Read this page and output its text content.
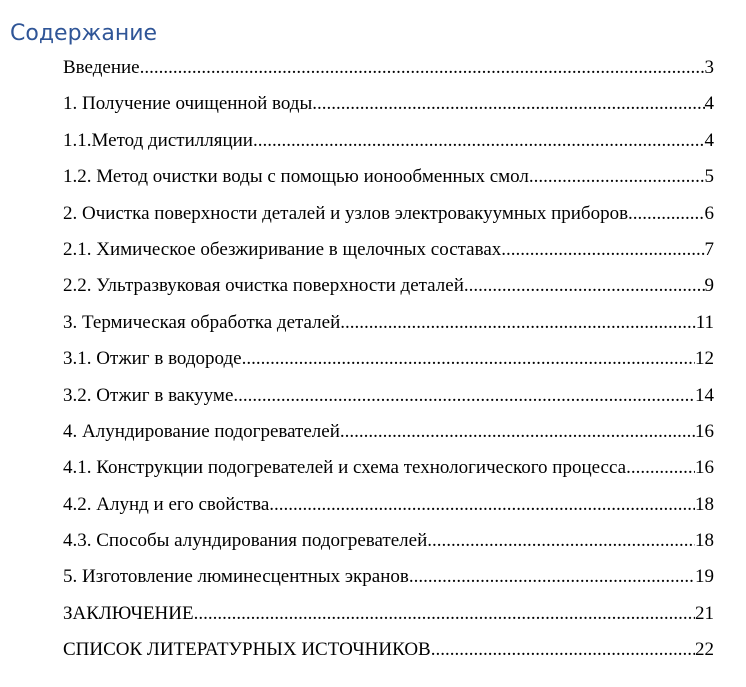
Содержание
Введение .....	3
1. Получение очищенной воды .....	4
1.1.Метод дистилляции .....	4
1.2. Метод очистки воды с помощью ионообменных смол .....	5
2. Очистка поверхности деталей и узлов электровакуумных приборов. .....	6
2.1. Химическое обезжиривание в щелочных составах .....	7
2.2. Ультразвуковая очистка поверхности деталей .....	9
3. Термическая обработка деталей .....	11
3.1. Отжиг в водороде .....	12
3.2. Отжиг в вакууме .....	14
4. Алундирование подогревателей .....	16
4.1. Конструкции подогревателей и схема технологического процесса .....	16
4.2. Алунд и его свойства .....	18
4.3. Способы алундирования подогревателей .....	18
5. Изготовление люминесцентных экранов .....	19
ЗАКЛЮЧЕНИЕ .....	21
СПИСОК ЛИТЕРАТУРНЫХ ИСТОЧНИКОВ .....	22
